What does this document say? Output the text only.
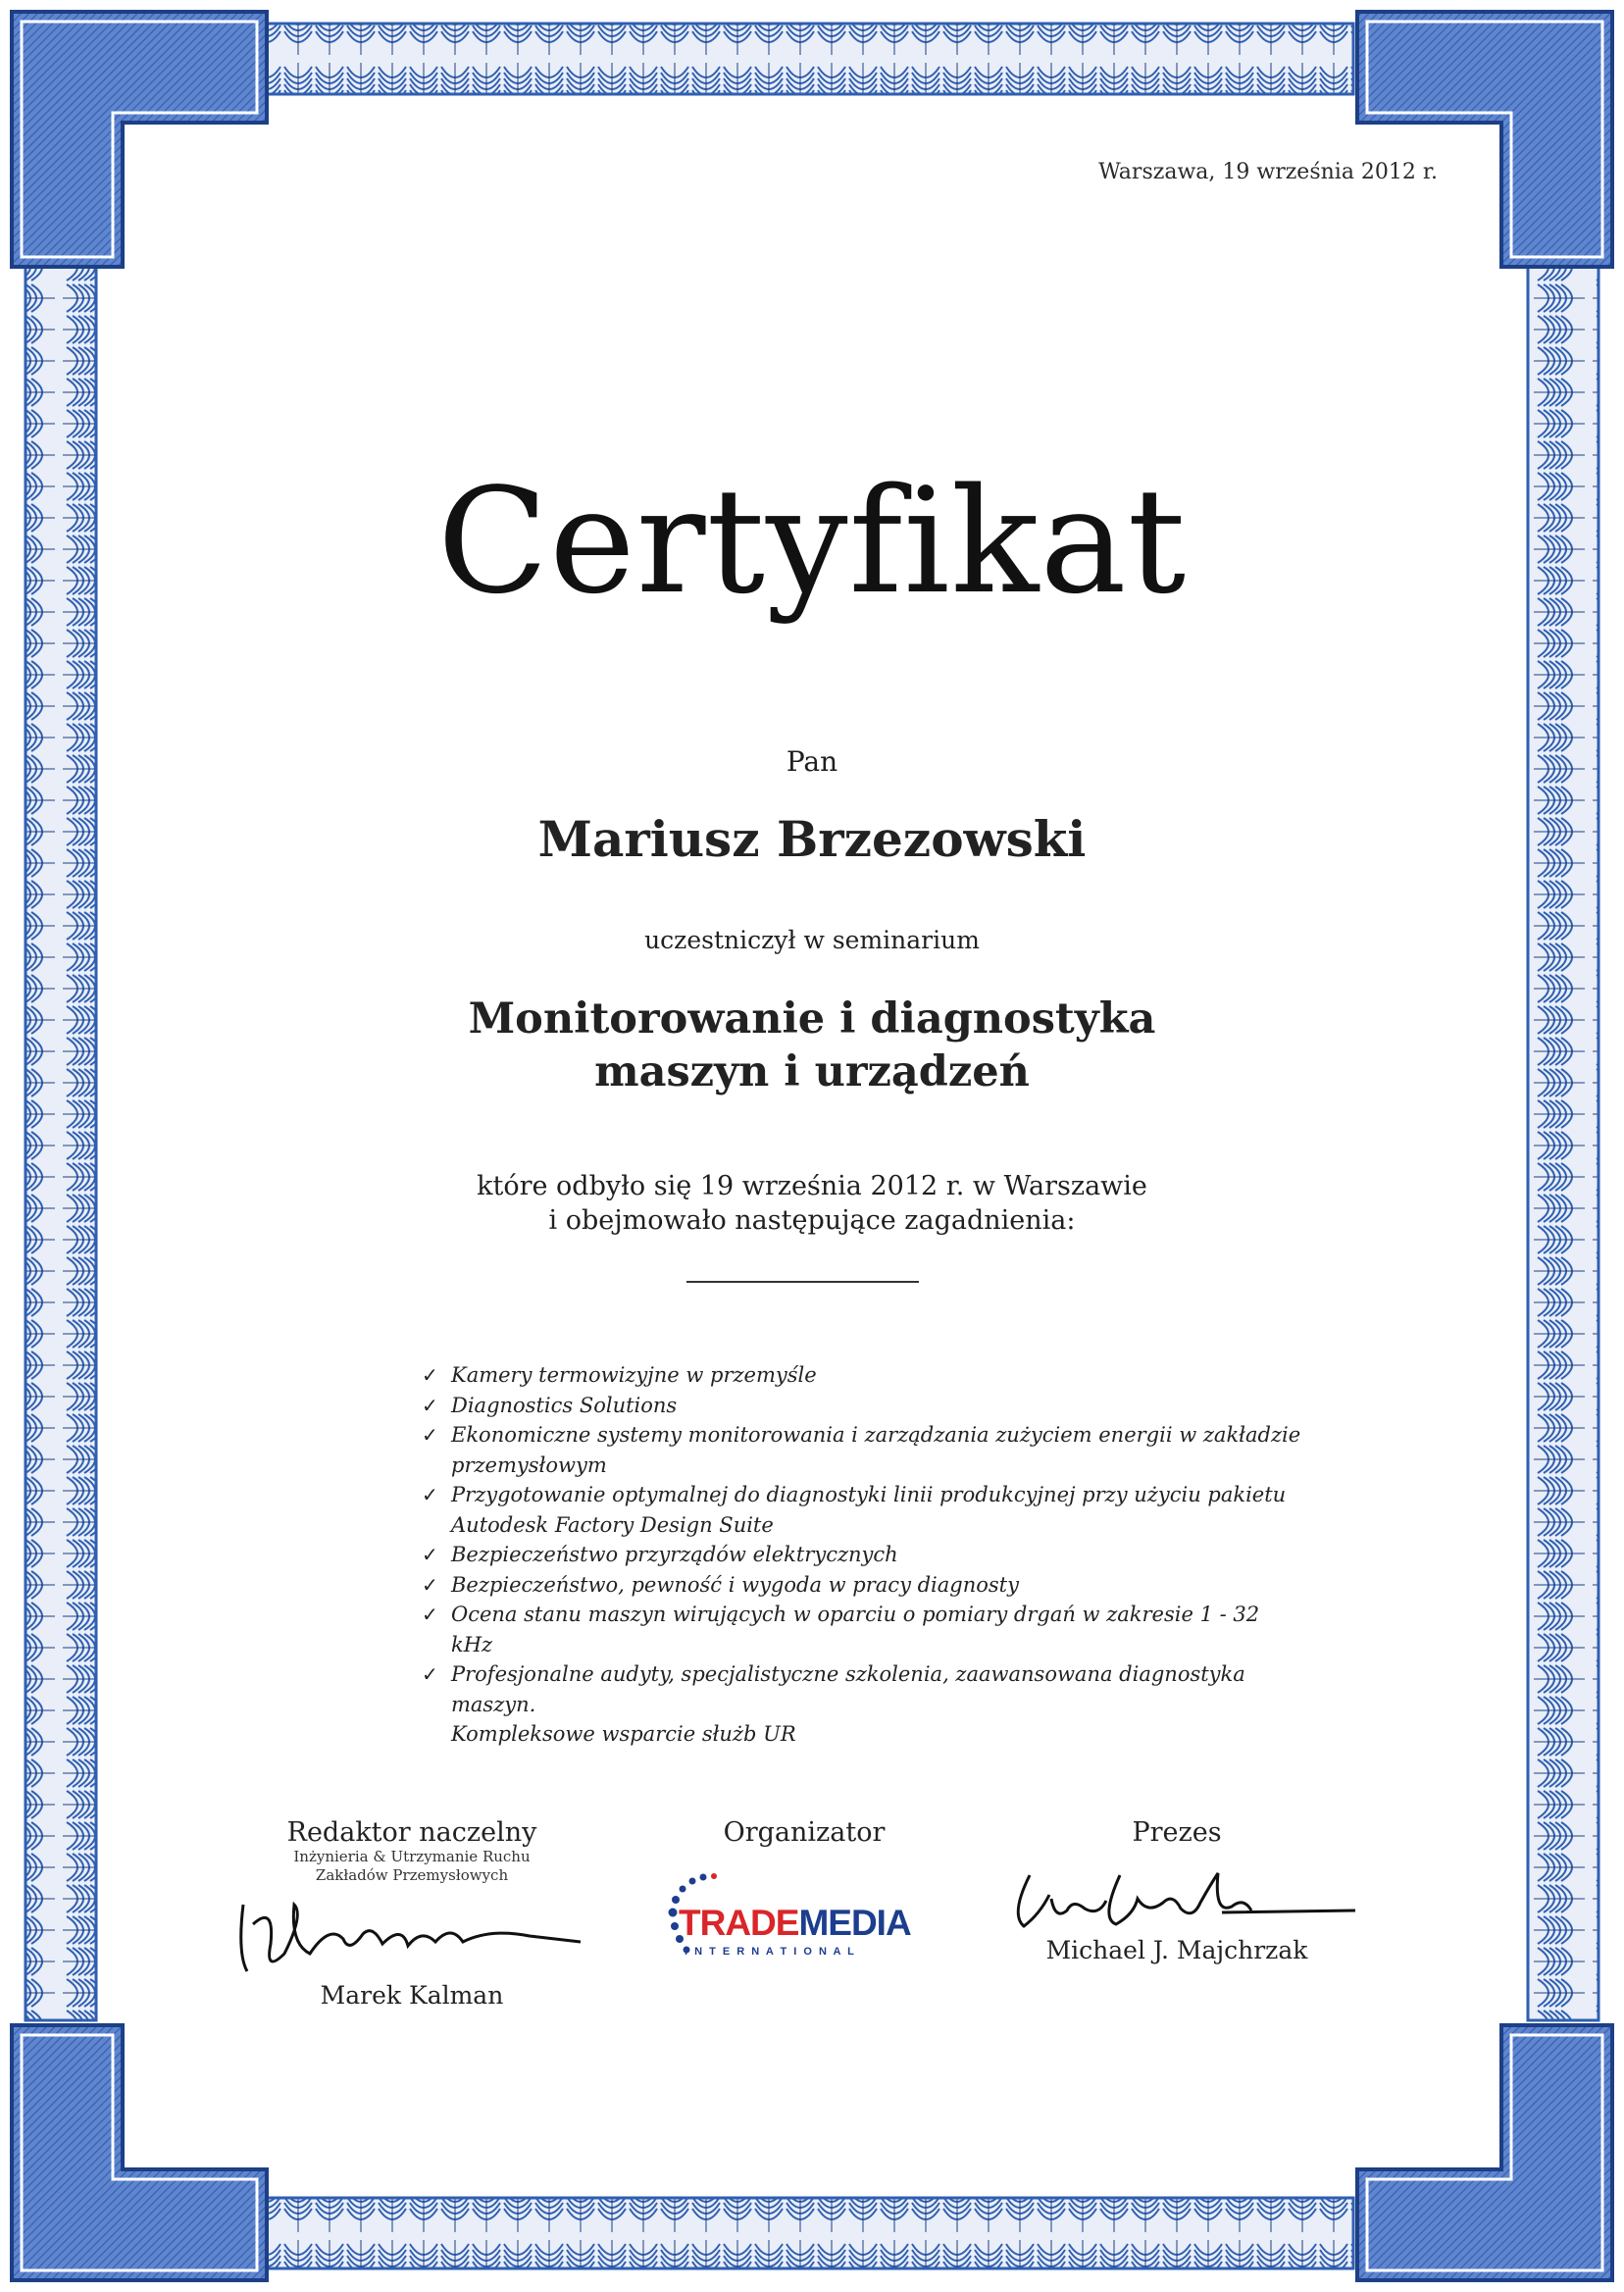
Warszawa, 19 września 2012 r.
Certyfikat
Pan
Mariusz Brzezowski
uczestniczył w seminarium
Monitorowanie i diagnostyka
maszyn i urządzeń
które odbyło się 19 września 2012 r. w Warszawie
i obejmowało następujące zagadnienia:
✓ Kamery termowizyjne w przemyśle
✓ Diagnostics Solutions
✓ Ekonomiczne systemy monitorowania i zarządzania zużyciem energii w zakładzie
przemysłowym
✓ Przygotowanie optymalnej do diagnostyki linii produkcyjnej przy użyciu pakietu
Autodesk Factory Design Suite
✓ Bezpieczeństwo przyrządów elektrycznych
✓ Bezpieczeństwo, pewność i wygoda w pracy diagnosty
✓ Ocena stanu maszyn wirujących w oparciu o pomiary drgań w zakresie 1 - 32 kHz
✓ Profesjonalne audyty, specjalistyczne szkolenia, zaawansowana diagnostyka maszyn.
Kompleksowe wsparcie służb UR
Redaktor naczelny
Inżynieria & Utrzymanie Ruchu
Zakładów Przemysłowych
Marek Kalman
Organizator
TRADEMEDIA
I N T E R N A T I O N A L
Prezes
Michael J. Majchrzak
